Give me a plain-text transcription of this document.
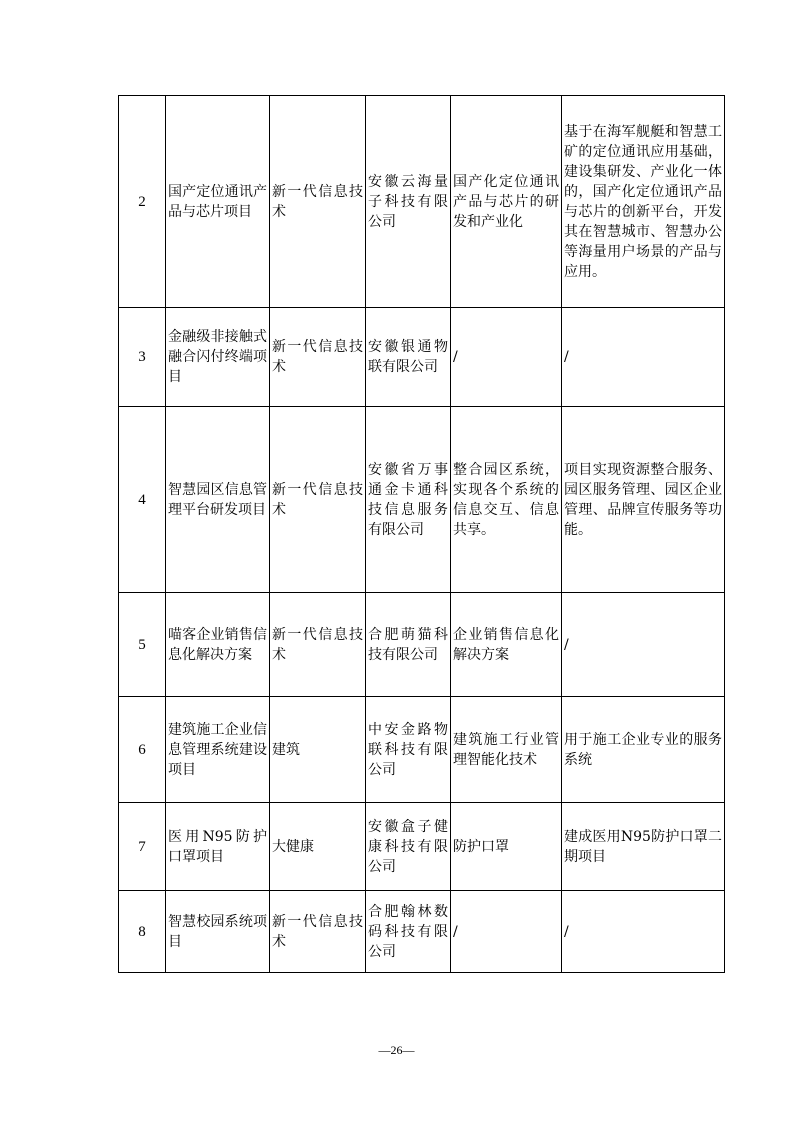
2	国产定位通讯产品与芯片项目	新一代信息技术	安徽云海量子科技有限公司	国产化定位通讯产品与芯片的研发和产业化	基于在海军舰艇和智慧工矿的定位通讯应用基础，建设集研发、产业化一体的，国产化定位通讯产品与芯片的创新平台，开发其在智慧城市、智慧办公等海量用户场景的产品与应用。
3	金融级非接触式融合闪付终端项目	新一代信息技术	安徽银通物联有限公司	/	/
4	智慧园区信息管理平台研发项目	新一代信息技术	安徽省万事通金卡通科技信息服务有限公司	整合园区系统，实现各个系统的信息交互、信息共享。	项目实现资源整合服务、园区服务管理、园区企业管理、品牌宣传服务等功能。
5	喵客企业销售信息化解决方案	新一代信息技术	合肥萌猫科技有限公司	企业销售信息化解决方案	/
6	建筑施工企业信息管理系统建设项目	建筑	中安金路物联科技有限公司	建筑施工行业管理智能化技术	用于施工企业专业的服务系统
7	医用N95防护口罩项目	大健康	安徽盒子健康科技有限公司	防护口罩	建成医用N95防护口罩二期项目
8	智慧校园系统项目	新一代信息技术	合肥翰林数码科技有限公司	/	/
—26—
